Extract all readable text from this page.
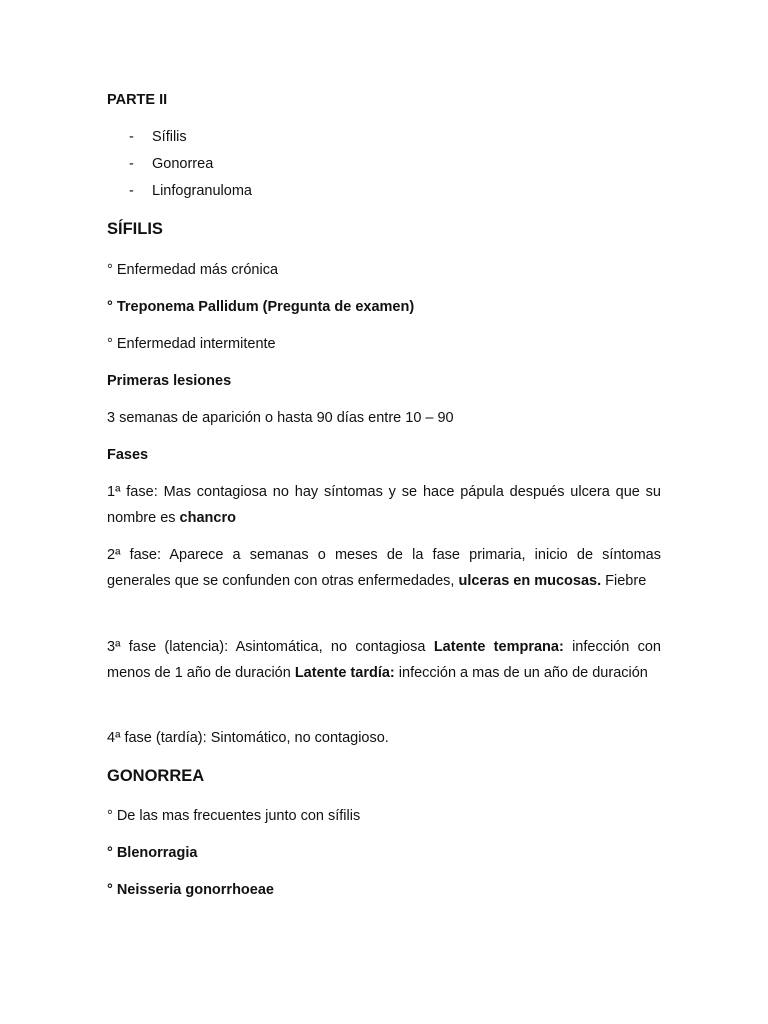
PARTE II

- Sífilis
- Gonorrea
- Linfogranuloma

SÍFILIS

° Enfermedad más crónica

° Treponema Pallidum (Pregunta de examen)

° Enfermedad intermitente

Primeras lesiones

3 semanas de aparición o hasta 90 días entre 10 – 90

Fases

1ª fase: Mas contagiosa no hay síntomas y se hace pápula después ulcera que su nombre es chancro

2ª fase: Aparece a semanas o meses de la fase primaria, inicio de síntomas generales que se confunden con otras enfermedades, ulceras en mucosas. Fiebre

3ª fase (latencia): Asintomática, no contagiosa Latente temprana: infección con menos de 1 año de duración Latente tardía: infección a mas de un año de duración

4ª fase (tardía): Sintomático, no contagioso.

GONORREA

° De las mas frecuentes junto con sífilis

° Blenorragia

° Neisseria gonorrhoeae
